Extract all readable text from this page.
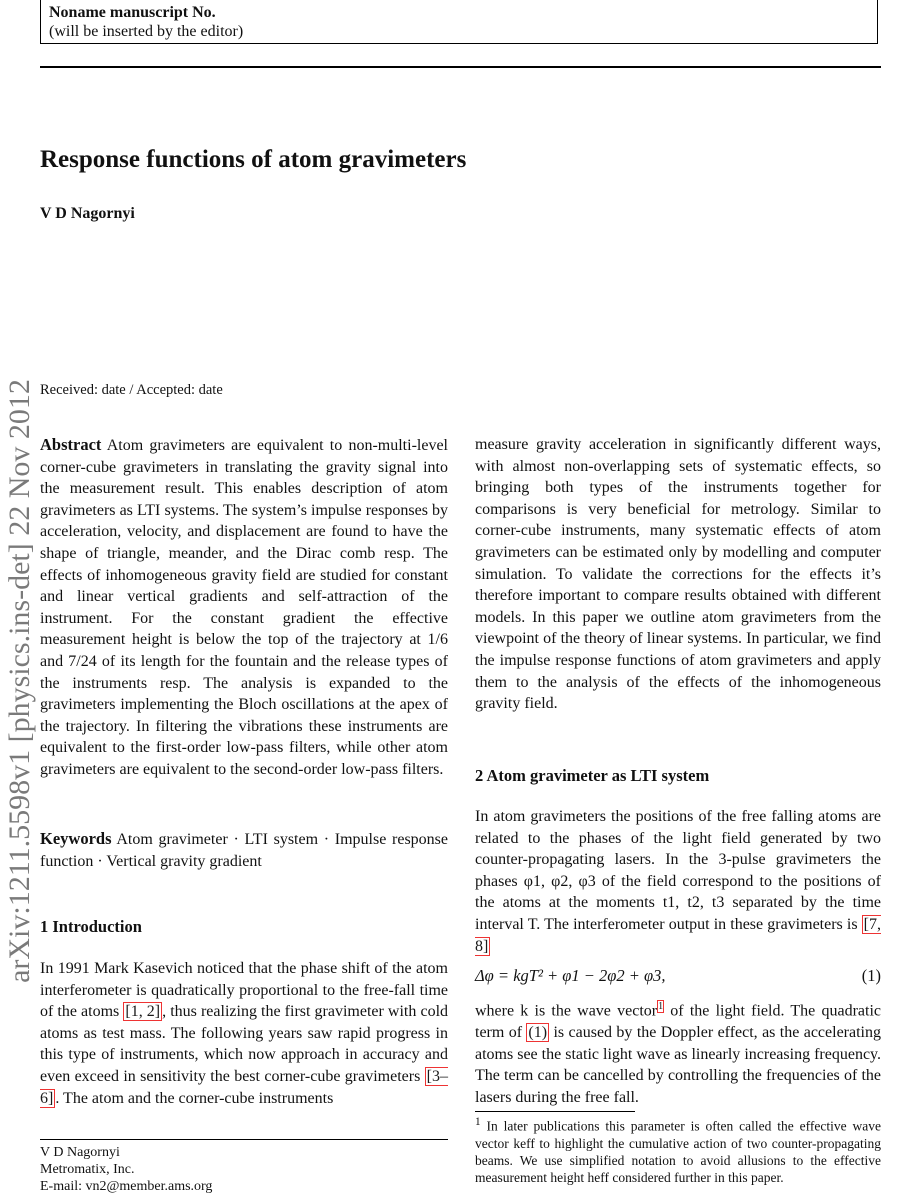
Noname manuscript No.
(will be inserted by the editor)
Response functions of atom gravimeters
V D Nagornyi
arXiv:1211.5598v1 [physics.ins-det] 22 Nov 2012 Received: date / Accepted: date
Abstract Atom gravimeters are equivalent to non-multi-level corner-cube gravimeters in translating the gravity signal into the measurement result. This enables description of atom gravimeters as LTI systems. The system’s impulse responses by acceleration, velocity, and displacement are found to have the shape of triangle, meander, and the Dirac comb resp. The effects of inhomogeneous gravity field are studied for constant and linear vertical gradients and self-attraction of the instrument. For the constant gradient the effective measurement height is below the top of the trajectory at 1/6 and 7/24 of its length for the fountain and the release types of the instruments resp. The analysis is expanded to the gravimeters implementing the Bloch oscillations at the apex of the trajectory. In filtering the vibrations these instruments are equivalent to the first-order low-pass filters, while other atom gravimeters are equivalent to the second-order low-pass filters.
Keywords Atom gravimeter · LTI system · Impulse response function · Vertical gravity gradient
1 Introduction
In 1991 Mark Kasevich noticed that the phase shift of the atom interferometer is quadratically proportional to the free-fall time of the atoms [1, 2] , thus realizing the first gravimeter with cold atoms as test mass. The following years saw rapid progress in this type of instruments, which now approach in accuracy and even exceed in sensitivity the best corner-cube gravimeters [3–6] . The atom and the corner-cube instruments
measure gravity acceleration in significantly different ways, with almost non-overlapping sets of systematic effects, so bringing both types of the instruments together for comparisons is very beneficial for metrology. Similar to corner-cube instruments, many systematic effects of atom gravimeters can be estimated only by modelling and computer simulation. To validate the corrections for the effects it’s therefore important to compare results obtained with different models. In this paper we outline atom gravimeters from the viewpoint of the theory of linear systems. In particular, we find the impulse response functions of atom gravimeters and apply them to the analysis of the effects of the inhomogeneous gravity field.
2 Atom gravimeter as LTI system
In atom gravimeters the positions of the free falling atoms are related to the phases of the light field generated by two counter-propagating lasers. In the 3-pulse gravimeters the phases φ1, φ2, φ3 of the field correspond to the positions of the atoms at the moments t1, t2, t3 separated by the time interval T. The interferometer output in these gravimeters is [7, 8]
Δφ = kgT² + φ1 − 2φ2 + φ3,	(1)
where k is the wave vector$^1$ of the light field. The quadratic term of (1) is caused by the Doppler effect, as the accelerating atoms see the static light wave as linearly increasing frequency. The term can be cancelled by controlling the frequencies of the lasers during the free fall.
V D Nagornyi
Metromatix, Inc.
E-mail: vn2@member.ams.org
$^1$ In later publications this parameter is often called the effective wave vector keff to highlight the cumulative action of two counter-propagating beams. We use simplified notation to avoid allusions to the effective measurement height heff considered further in this paper.
